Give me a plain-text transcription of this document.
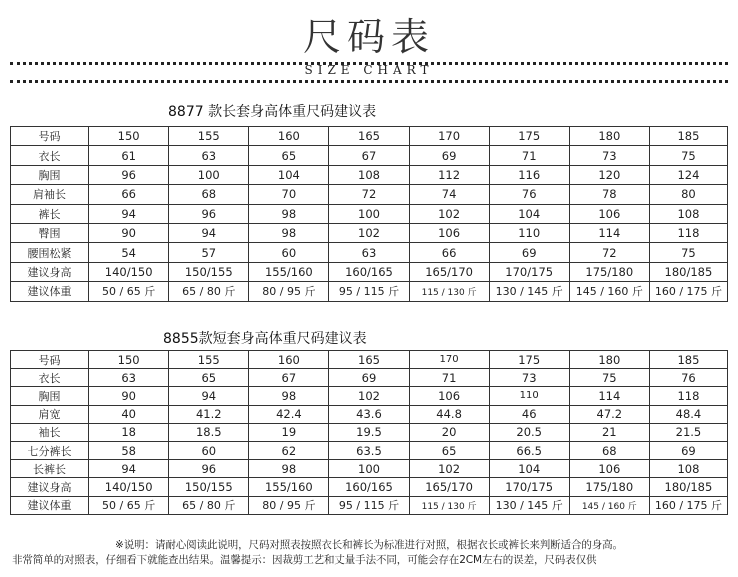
尺码表
SIZE CHART
8877 款长套身高体重尺码建议表
号码	150	155	160	165	170	175	180	185
衣长	61	63	65	67	69	71	73	75
胸围	96	100	104	108	112	116	120	124
肩袖长	66	68	70	72	74	76	78	80
裤长	94	96	98	100	102	104	106	108
臀围	90	94	98	102	106	110	114	118
腰围松紧	54	57	60	63	66	69	72	75
建议身高	140/150	150/155	155/160	160/165	165/170	170/175	175/180	180/185
建议体重	50 / 65 斤	65 / 80 斤	80 / 95 斤	95 / 115 斤	115 / 130 斤	130 / 145 斤	145 / 160 斤	160 / 175 斤
8855款短套身高体重尺码建议表
号码	150	155	160	165	170	175	180	185
衣长	63	65	67	69	71	73	75	76
胸围	90	94	98	102	106	110	114	118
肩宽	40	41.2	42.4	43.6	44.8	46	47.2	48.4
袖长	18	18.5	19	19.5	20	20.5	21	21.5
七分裤长	58	60	62	63.5	65	66.5	68	69
长裤长	94	96	98	100	102	104	106	108
建议身高	140/150	150/155	155/160	160/165	165/170	170/175	175/180	180/185
建议体重	50 / 65 斤	65 / 80 斤	80 / 95 斤	95 / 115 斤	115 / 130 斤	130 / 145 斤	145 / 160 斤	160 / 175 斤
※说明：请耐心阅读此说明，尺码对照表按照衣长和裤长为标准进行对照，根据衣长或裤长来判断适合的身高。
非常简单的对照表，仔细看下就能查出结果。温馨提示：因裁剪工艺和丈量手法不同，可能会存在2CM左右的误差，尺码表仅供
